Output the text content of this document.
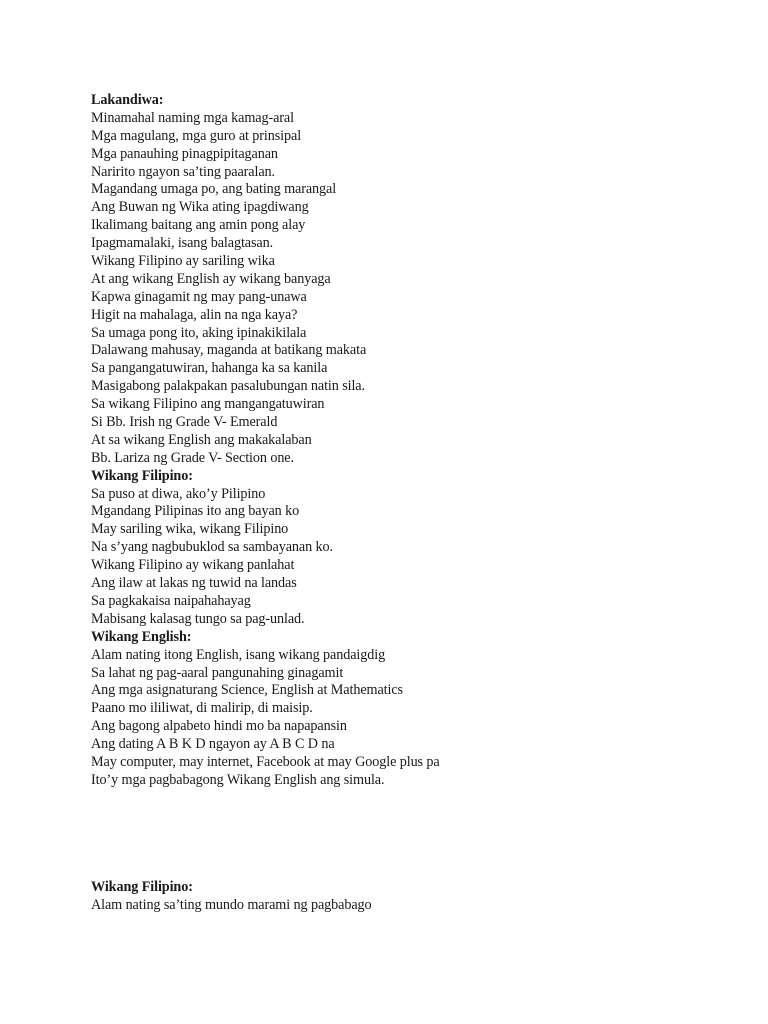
Lakandiwa:
Minamahal naming mga kamag-aral
Mga magulang, mga guro at prinsipal
Mga panauhing pinagpipitaganan
Naririto ngayon sa’ting paaralan.
Magandang umaga po, ang bating marangal
Ang Buwan ng Wika ating ipagdiwang
Ikalimang baitang ang amin pong alay
Ipagmamalaki, isang balagtasan.
Wikang Filipino ay sariling wika
At ang wikang English ay wikang banyaga
Kapwa ginagamit ng may pang-unawa
Higit na mahalaga, alin na nga kaya?
Sa umaga pong ito, aking ipinakikilala
Dalawang mahusay, maganda at batikang makata
Sa pangangatuwiran, hahanga ka sa kanila
Masigabong palakpakan pasalubungan natin sila.
Sa wikang Filipino ang mangangatuwiran
Si Bb. Irish ng Grade V- Emerald
At sa wikang English ang makakalaban
Bb. Lariza ng Grade V- Section one.
Wikang Filipino:
Sa puso at diwa, ako’y Pilipino
Mgandang Pilipinas ito ang bayan ko
May sariling wika, wikang Filipino
Na s’yang nagbubuklod sa sambayanan ko.
Wikang Filipino ay wikang panlahat
Ang ilaw at lakas ng tuwid na landas
Sa pagkakaisa naipahahayag
Mabisang kalasag tungo sa pag-unlad.
Wikang English:
Alam nating itong English, isang wikang pandaigdig
Sa lahat ng pag-aaral pangunahing ginagamit
Ang mga asignaturang Science, English at Mathematics
Paano mo ililiwat, di malirip, di maisip.
Ang bagong alpabeto hindi mo ba napapansin
Ang dating A B K D ngayon ay A B C D na
May computer, may internet, Facebook at may Google plus pa
Ito’y mga pagbabagong Wikang English ang simula.
Wikang Filipino:
Alam nating sa’ting mundo marami ng pagbabago
